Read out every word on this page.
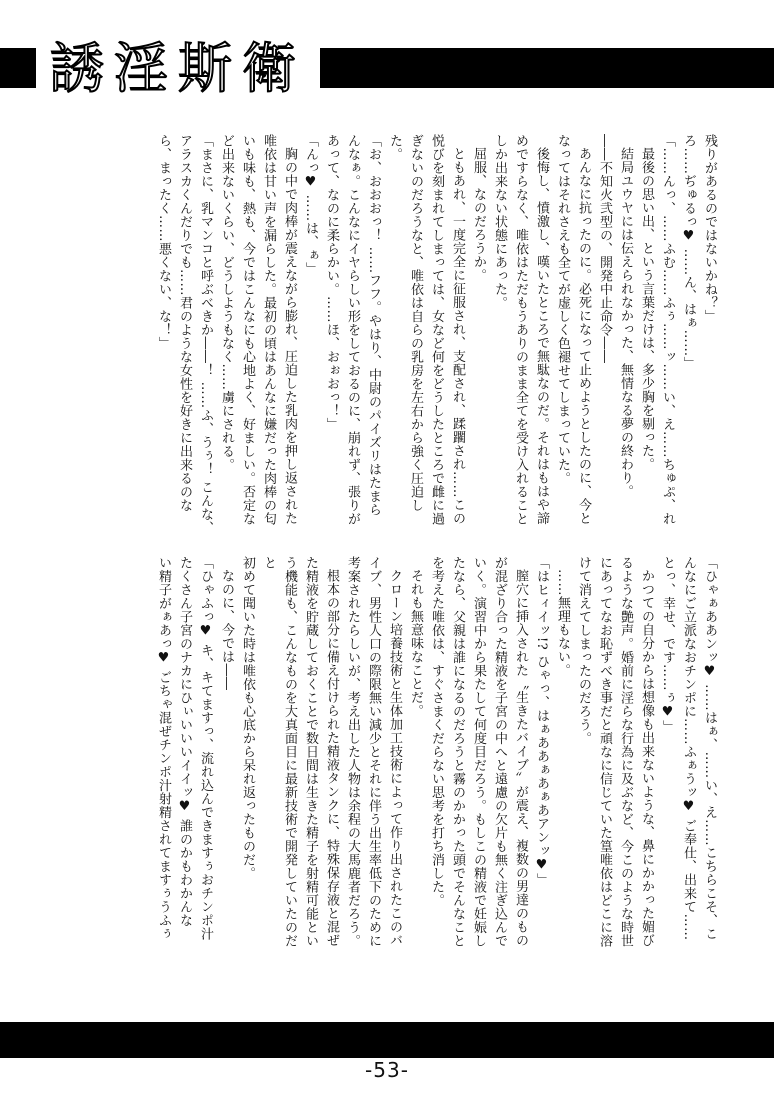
誘淫斯衛

残りがあるのではないかね？」

ろ……ぢゅるっ♥ ……ん、はぁ……」

「……んっ、……ふむ……ふぅ……ッ……い、え……ちゅぷ、れ

最後の思い出、という言葉だけは、多少胸を剔った。

結局ユウヤには伝えられなかった、無情なる夢の終わり。

――不知火弐型の、開発中止命令――

あんなに抗ったのに。必死になって止めようとしたのに、今と

なってはそれさえも全てが虚しく色褪せてしまっていた。

後悔し、憤激し、嘆いたところで無駄なのだ。それはもはや諦

めですらなく、唯依はただもうありのまま全てを受け入れること

しか出来ない状態にあった。

屈服、なのだろうか。

ともあれ、一度完全に征服され、支配され、蹂躙され……この

悦びを刻まれてしまっては、女など何をどうしたところで雌に過

ぎないのだろうなと、唯依は自らの乳房を左右から強く圧迫した。

「お、おおおっ！ ……フフ。やはり、中尉のパイズリはたまら

んなぁ。こんなにイヤらしい形をしておるのに、崩れず、張りが

あって、なのに柔らかい。……ほ、おぉおっ！」

「んっ♥ ……は、ぁ」

胸の中で肉棒が震えながら膨れ、圧迫した乳肉を押し返された

唯依は甘い声を漏らした。最初の頃はあんなに嫌だった肉棒の匂

いも味も、熱も、今ではこんなにも心地よく、好ましい。否定な

ど出来ないくらい、どうしようもなく……虜にされる。

「まさに、乳マンコと呼ぶべきか――！ ……ふ、うぅ！ こんな、

アラスカくんだりでも……君のような女性を好きに出来るのな

ら、まったく……悪くない、な！」

「ひゃぁああンッ♥ ……はぁ、……い、え……こちらこそ、こ

んなにご立派なおチンポに……ふぁうッ♥ ご奉仕、出来て……

とっ、幸せ、です……ぅ♥」

かつての自分からは想像も出来ないような、鼻にかかった媚び

るような艶声。婚前に淫らな行為に及ぶなど、今このような時世

にあってなお恥ずべき事だと頑なに信じていた篁唯依はどこに溶

けて消えてしまったのだろう。

……無理もない。

「はヒィイッ!? ひゃっ、はぁああぁあぁあアンッ♥」

膣穴に挿入された〝生きたバイブ〟が震え、複数の男達のもの

が混ざり合った精液を子宮の中へと遠慮の欠片も無く注ぎ込んで

いく。演習中から果たして何度目だろう。もしこの精液で妊娠し

たなら、父親は誰になるのだろうと霧のかかった頭でそんなこと

を考えた唯依は、すぐさまくだらない思考を打ち消した。

それも無意味なことだ。

クローン培養技術と生体加工技術によって作り出されたこのバ

イブ、男性人口の際限無い減少とそれに伴う出生率低下のために

考案されたらしいが、考え出した人物は余程の大馬鹿者だろう。

根本の部分に備え付けられた精液タンクに、特殊保存液と混ぜ

た精液を貯蔵しておくことで数日間は生きた精子を射精可能とい

う機能も、こんなものを大真面目に最新技術で開発していたのだと

初めて聞いた時は唯依も心底から呆れ返ったものだ。

なのに、今では――

「ひゃふっ♥ キ、キてますっ、流れ込んできますぅおチンポ汁

たくさん子宮のナカにひぃいいいイイッ♥ 誰のかもわかんな

い精子がぁあっ♥ ごちゃ混ぜチンポ汁射精されてますぅうふぅ

-53-
